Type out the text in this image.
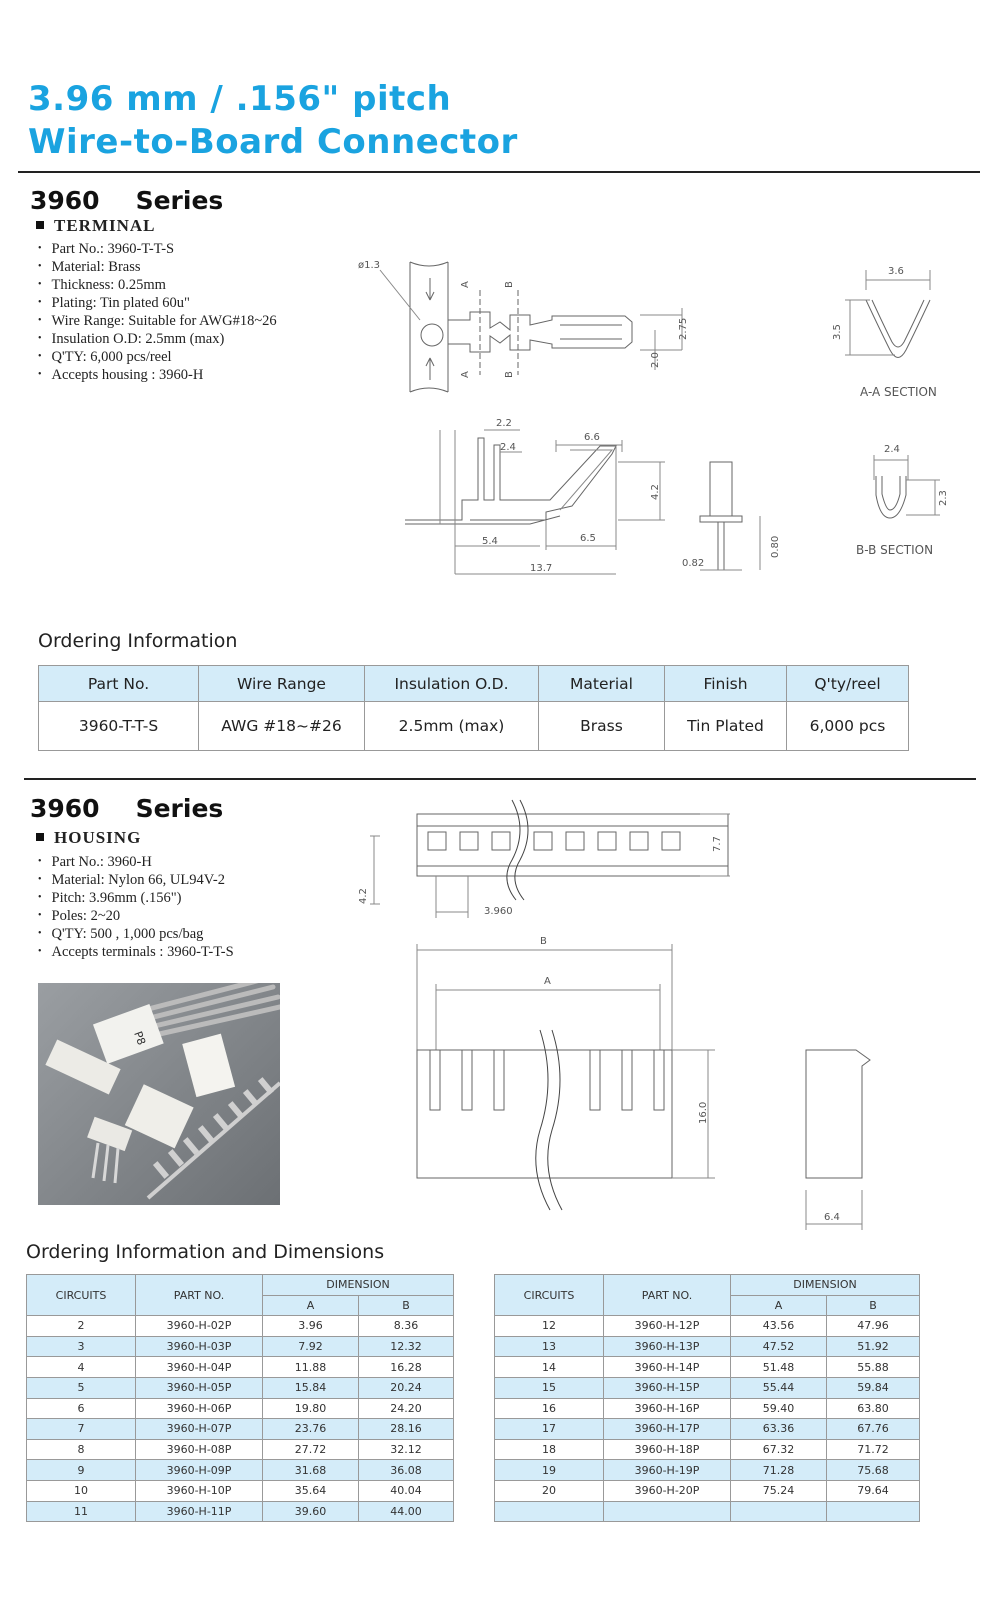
3.96 mm / .156" pitch
Wire-to-Board Connector
3960 Series
TERMINAL
• Part No.: 3960-T-T-S
• Material: Brass
• Thickness: 0.25mm
• Plating: Tin plated 60u"
• Wire Range: Suitable for AWG#18~26
• Insulation O.D: 2.5mm (max)
• Q'TY: 6,000 pcs/reel
• Accepts housing : 3960-H
ø1.3
A	B
A	B
2.75
2.0
3.6
3.5
A-A SECTION
2.2
2.4
6.6
4.2
5.4	6.5
13.7	0.82
0.80
2.4
2.3
B-B SECTION
Ordering Information
Part No.	Wire Range	Insulation O.D.	Material	Finish	Q'ty/reel
3960-T-T-S	AWG #18~#26	2.5mm (max)	Brass	Tin Plated	6,000 pcs
3960 Series
HOUSING
• Part No.: 3960-H
• Material: Nylon 66, UL94V-2
• Pitch: 3.96mm (.156")
• Poles: 2~20
• Q'TY: 500 , 1,000 pcs/bag
• Accepts terminals : 3960-T-T-S
P8
7.7
4.2
3.960
B
A
16.0
6.4
Ordering Information and Dimensions
CIRCUITS	PART NO.	DIMENSION	
		A	B
2	3960-H-02P	3.96	8.36
3	3960-H-03P	7.92	12.32
4	3960-H-04P	11.88	16.28
5	3960-H-05P	15.84	20.24
6	3960-H-06P	19.80	24.20
7	3960-H-07P	23.76	28.16
8	3960-H-08P	27.72	32.12
9	3960-H-09P	31.68	36.08
10	3960-H-10P	35.64	40.04
11	3960-H-11P	39.60	44.00
CIRCUITS	PART NO.	DIMENSION	
		A	B
12	3960-H-12P	43.56	47.96
13	3960-H-13P	47.52	51.92
14	3960-H-14P	51.48	55.88
15	3960-H-15P	55.44	59.84
16	3960-H-16P	59.40	63.80
17	3960-H-17P	63.36	67.76
18	3960-H-18P	67.32	71.72
19	3960-H-19P	71.28	75.68
20	3960-H-20P	75.24	79.64
